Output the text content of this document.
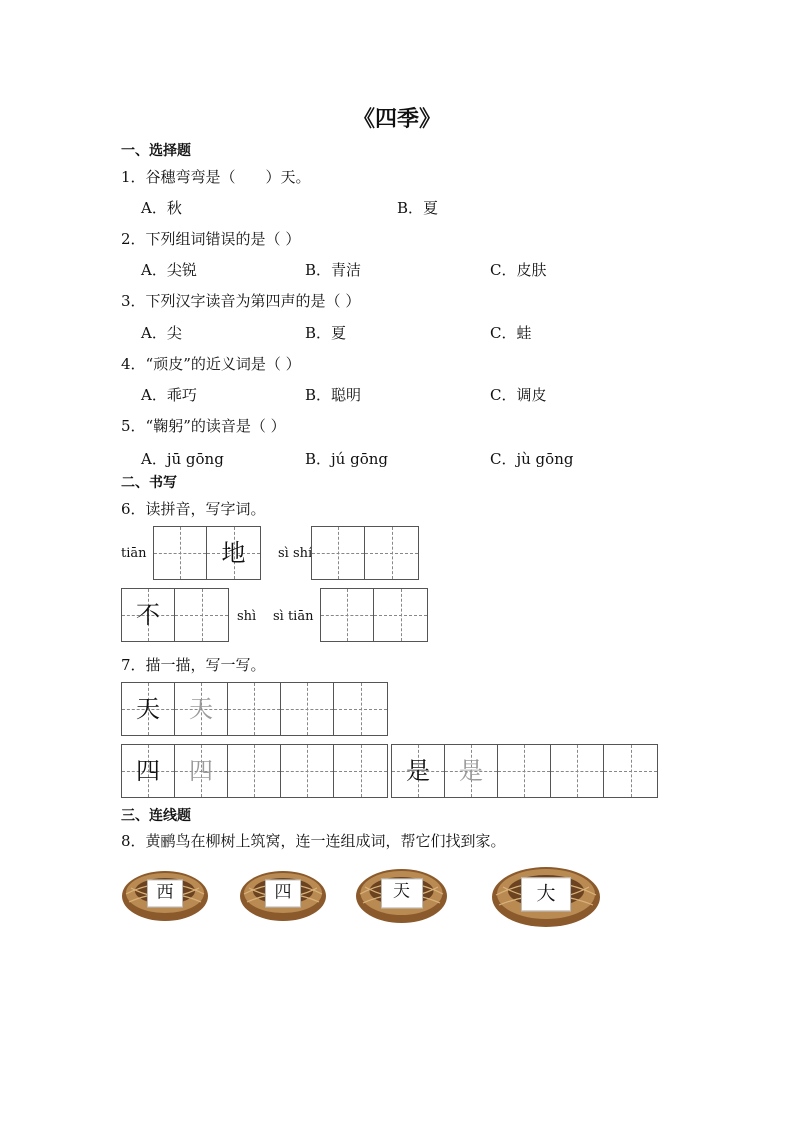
《四季》
一、选择题
1．谷穗弯弯是（　　）天。
A．秋	B．夏
2．下列组词错误的是（ ）
A．尖锐	B．青洁	C．皮肤
3．下列汉字读音为第四声的是（ ）
A．尖	B．夏	C．蛙
4．“顽皮”的近义词是（ ）
A．乖巧	B．聪明	C．调皮
5．“鞠躬”的读音是（ ）
A．jū gōng	B．jú gōng	C．jù gōng
二、书写
6．读拼音，写字词。
tiān	地	sì shí
不	shì sì tiān
7．描一描，写一写。
天	天
四	四	是	是
三、连线题
8．黄鹂鸟在柳树上筑窝，连一连组成词，帮它们找到家。
西	四	天	大
